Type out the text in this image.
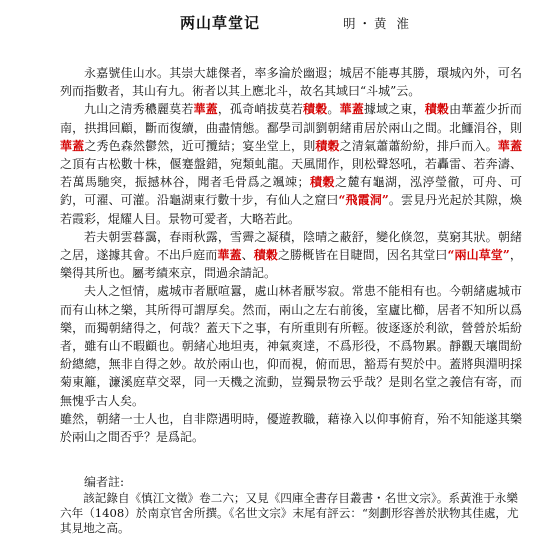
两山草堂记	明・黄 淮

永嘉號佳山水。其崇大雄傑者，率多淪於幽遐；城居不能專其勝，環城內外，可名列而指數者，其山有九。術者以其上應北斗，故名其域曰“斗城”云。

九山之清秀穠麗莫若華蓋，孤奇峭拔莫若積穀。華蓋據域之東，積穀由華蓋少折而南，拱揖回顧，斷而復續，曲盡情態。鄱學司訓劉朝緒甫居於兩山之間。北鱷涓谷，則華蓋之秀色森然鬱然，近可攬結；宴坐堂上，則積穀之清氣蕭蕭紛紛，排戶而入。華蓋之頂有古松數十株，偃蹇盤錯，宛類虬龍。天風閒作，則松聲怒吼，若轟雷、若奔濤、若萬馬馳突，振撼林谷，聞者毛骨爲之颯竦；積穀之麓有龜湖，泓渟瑩徹，可舟、可釣，可濯、可灌。沿龜湖東行數十步，有仙人之窟曰“飛霞洞”。雲見丹光起於其隙，煥若霞彩，焜耀人目。景物可愛者，大略若此。

若夫朝雲暮靄，春雨秋露，雪霽之凝積，陰晴之蔽舒，變化倏忽，莫窮其狀。朝緒之居，遂據其會。不出戶庭而華蓋、積穀之勝概皆在目睫間，因名其堂曰“兩山草堂”，樂得其所也。屬考績來京，問過余請記。

夫人之恒情，處城市者厭喧囂，處山林者厭岑寂。常患不能相有也。今朝緒處城市而有山林之樂，其所得可謂厚矣。然而，兩山之左右前後，室廬比櫛，居者不知所以爲樂，而獨朝緒得之，何哉？蓋天下之事，有所重則有所輕。彼逐逐於利欲，營營於垢紛者，雖有山不暇顧也。朝緒心地坦夷，神氣爽達，不爲形役，不爲物累。靜觀天壤間紛紛總總，無非自得之妙。故於兩山也，仰而視，俯而思，豁焉有契於中。蓋將與淵明採菊東籬，濂溪庭草交翠，同一天機之流動，豈獨景物云乎哉？是則名堂之義信有寄，而無愧乎古人矣。

雖然，朝緒一士人也，自非際遇明時，優遊教職，藉祿入以仰事俯育，殆不知能遂其樂於兩山之間否乎？是爲記。

编者註:
該記錄自《慎江文徵》卷二六；又見《四庫全書存目叢書・名世文宗》。系黃淮于永樂六年（1408）於南京官舍所撰。《名世文宗》末尾有評云：“刻劃形容善於狀物其佳處，尤其見地之高。
